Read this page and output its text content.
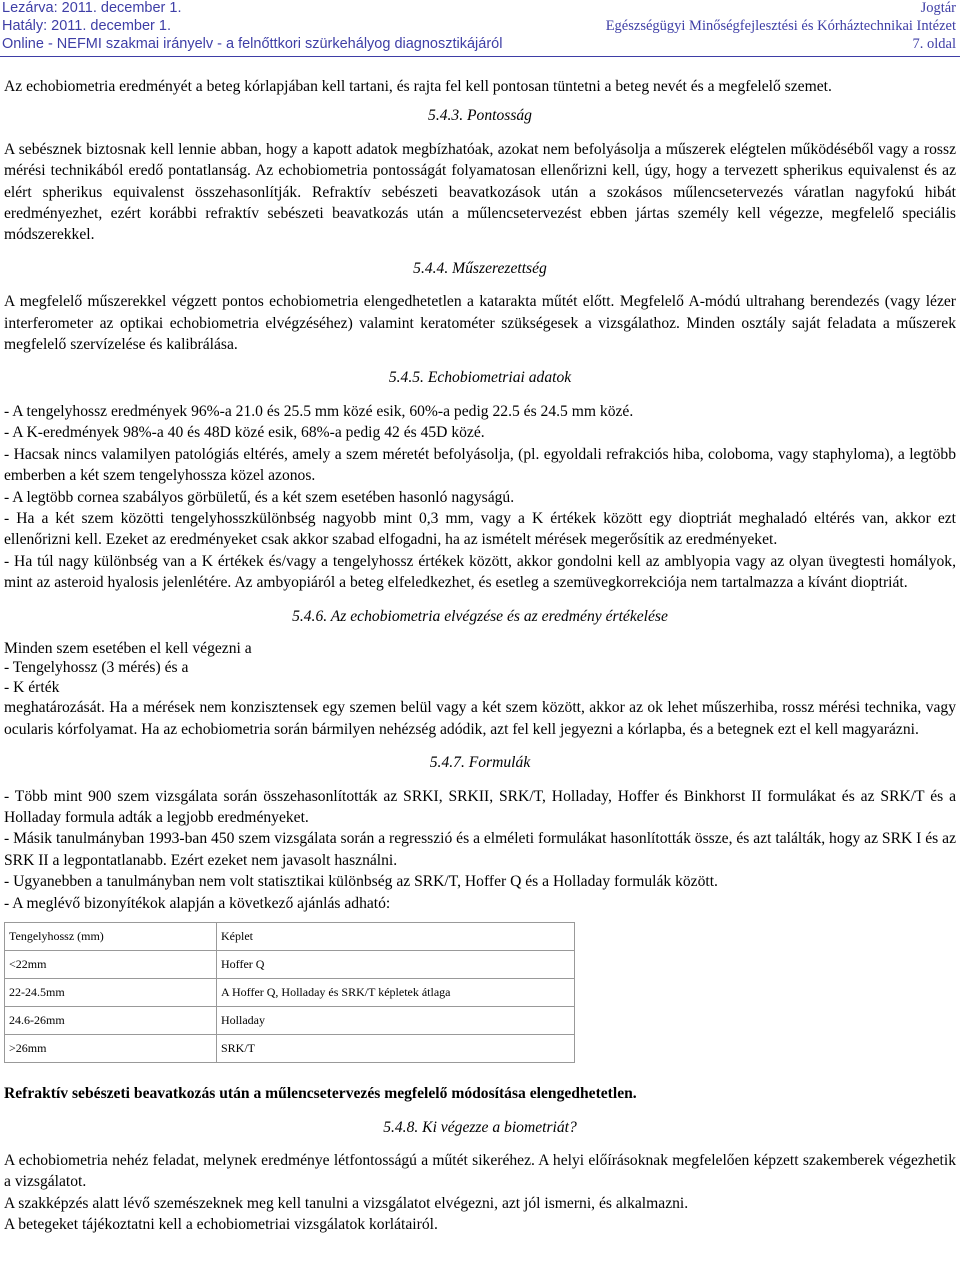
Lezárva: 2011. december 1.
Hatály: 2011. december 1.
Online - NEFMI szakmai irányelv - a felnőttkori szürkehályog diagnosztikájáról
Jogtár
Egészségügyi Minőségfejlesztési és Kórháztechnikai Intézet
7. oldal

Az echobiometria eredményét a beteg kórlapjában kell tartani, és rajta fel kell pontosan tüntetni a beteg nevét és a megfelelő szemet.

5.4.3. Pontosság

A sebésznek biztosnak kell lennie abban, hogy a kapott adatok megbízhatóak, azokat nem befolyásolja a műszerek elégtelen működéséből vagy a rossz mérési technikából eredő pontatlanság. Az echobiometria pontosságát folyamatosan ellenőrizni kell, úgy, hogy a tervezett spherikus equivalenst és az elért spherikus equivalenst összehasonlítják. Refraktív sebészeti beavatkozások után a szokásos műlencsetervezés váratlan nagyfokú hibát eredményezhet, ezért korábbi refraktív sebészeti beavatkozás után a műlencsetervezést ebben jártas személy kell végezze, megfelelő speciális módszerekkel.

5.4.4. Műszerezettség

A megfelelő műszerekkel végzett pontos echobiometria elengedhetetlen a katarakta műtét előtt. Megfelelő A-módú ultrahang berendezés (vagy lézer interferometer az optikai echobiometria elvégzéséhez) valamint keratométer szükségesek a vizsgálathoz. Minden osztály saját feladata a műszerek megfelelő szervízelése és kalibrálása.

5.4.5. Echobiometriai adatok

- A tengelyhossz eredmények 96%-a 21.0 és 25.5 mm közé esik, 60%-a pedig 22.5 és 24.5 mm közé.

- A K-eredmények 98%-a 40 és 48D közé esik, 68%-a pedig 42 és 45D közé.

- Hacsak nincs valamilyen patológiás eltérés, amely a szem méretét befolyásolja, (pl. egyoldali refrakciós hiba, coloboma, vagy staphyloma), a legtöbb emberben a két szem tengelyhossza közel azonos.

- A legtöbb cornea szabályos görbületű, és a két szem esetében hasonló nagyságú.

- Ha a két szem közötti tengelyhosszkülönbség nagyobb mint 0,3 mm, vagy a K értékek között egy dioptriát meghaladó eltérés van, akkor ezt ellenőrizni kell. Ezeket az eredményeket csak akkor szabad elfogadni, ha az ismételt mérések megerősítik az eredményeket.

- Ha túl nagy különbség van a K értékek és/vagy a tengelyhossz értékek között, akkor gondolni kell az amblyopia vagy az olyan üvegtesti homályok, mint az asteroid hyalosis jelenlétére. Az ambyopiáról a beteg elfeledkezhet, és esetleg a szemüvegkorrekciója nem tartalmazza a kívánt dioptriát.

5.4.6. Az echobiometria elvégzése és az eredmény értékelése

Minden szem esetében el kell végezni a
- Tengelyhossz (3 mérés) és a
- K érték

meghatározását. Ha a mérések nem konzisztensek egy szemen belül vagy a két szem között, akkor az ok lehet műszerhiba, rossz mérési technika, vagy ocularis kórfolyamat. Ha az echobiometria során bármilyen nehézség adódik, azt fel kell jegyezni a kórlapba, és a betegnek ezt el kell magyarázni.

5.4.7. Formulák

- Több mint 900 szem vizsgálata során összehasonlították az SRKI, SRKII, SRK/T, Holladay, Hoffer és Binkhorst II formulákat és az SRK/T és a Holladay formula adták a legjobb eredményeket.

- Másik tanulmányban 1993-ban 450 szem vizsgálata során a regresszió és a elméleti formulákat hasonlították össze, és azt találták, hogy az SRK I és az SRK II a legpontatlanabb. Ezért ezeket nem javasolt használni.

- Ugyanebben a tanulmányban nem volt statisztikai különbség az SRK/T, Hoffer Q és a Holladay formulák között.

- A meglévő bizonyítékok alapján a következő ajánlás adható:

Tengelyhossz (mm)	Képlet
<22mm	Hoffer Q
22-24.5mm	A Hoffer Q, Holladay és SRK/T képletek átlaga
24.6-26mm	Holladay
>26mm	SRK/T

Refraktív sebészeti beavatkozás után a műlencsetervezés megfelelő módosítása elengedhetetlen.

5.4.8. Ki végezze a biometriát?

A echobiometria nehéz feladat, melynek eredménye létfontosságú a műtét sikeréhez. A helyi előírásoknak megfelelően képzett szakemberek végezhetik a vizsgálatot.

A szakképzés alatt lévő szemészeknek meg kell tanulni a vizsgálatot elvégezni, azt jól ismerni, és alkalmazni.

A betegeket tájékoztatni kell a echobiometriai vizsgálatok korlátairól.
